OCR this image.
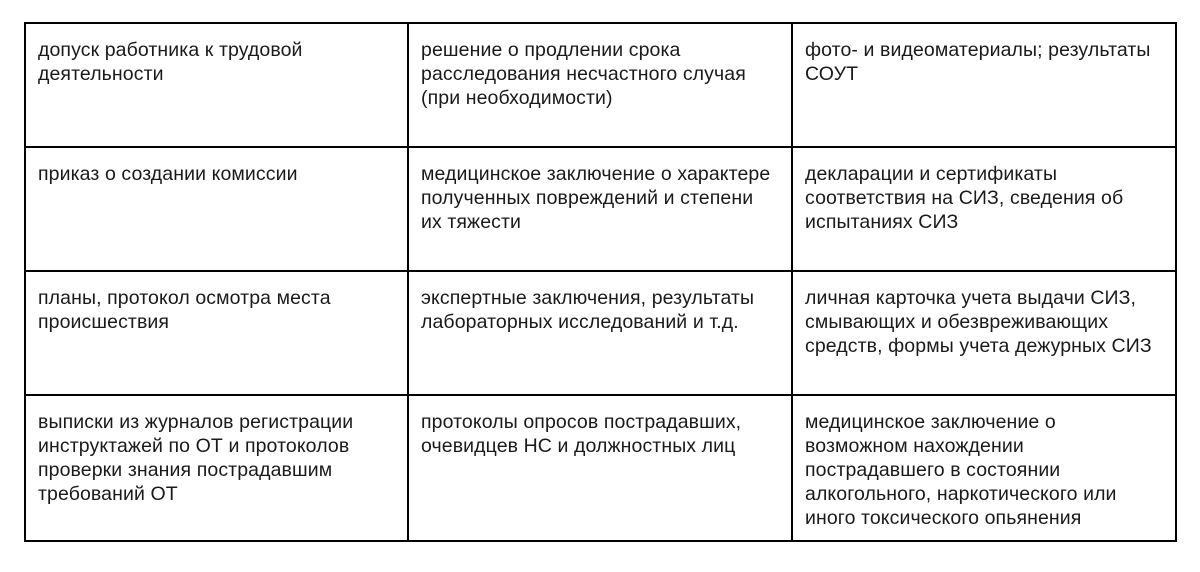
допуск работника к трудовой деятельности	решение о продлении срока расследования несчастного случая (при необходимости)	фото- и видеоматериалы; результаты СОУТ
приказ о создании комиссии	медицинское заключение о характере полученных повреждений и степени их тяжести	декларации и сертификаты соответствия на СИЗ, сведения об испытаниях СИЗ
планы, протокол осмотра места происшествия	экспертные заключения, результаты лабораторных исследований и т.д.	личная карточка учета выдачи СИЗ, смывающих и обезвреживающих средств, формы учета дежурных СИЗ
выписки из журналов регистрации инструктажей по ОТ и протоколов проверки знания пострадавшим требований ОТ	протоколы опросов пострадавших, очевидцев НС и должностных лиц	медицинское заключение о возможном нахождении пострадавшего в состоянии алкогольного, наркотического или иного токсического опьянения
